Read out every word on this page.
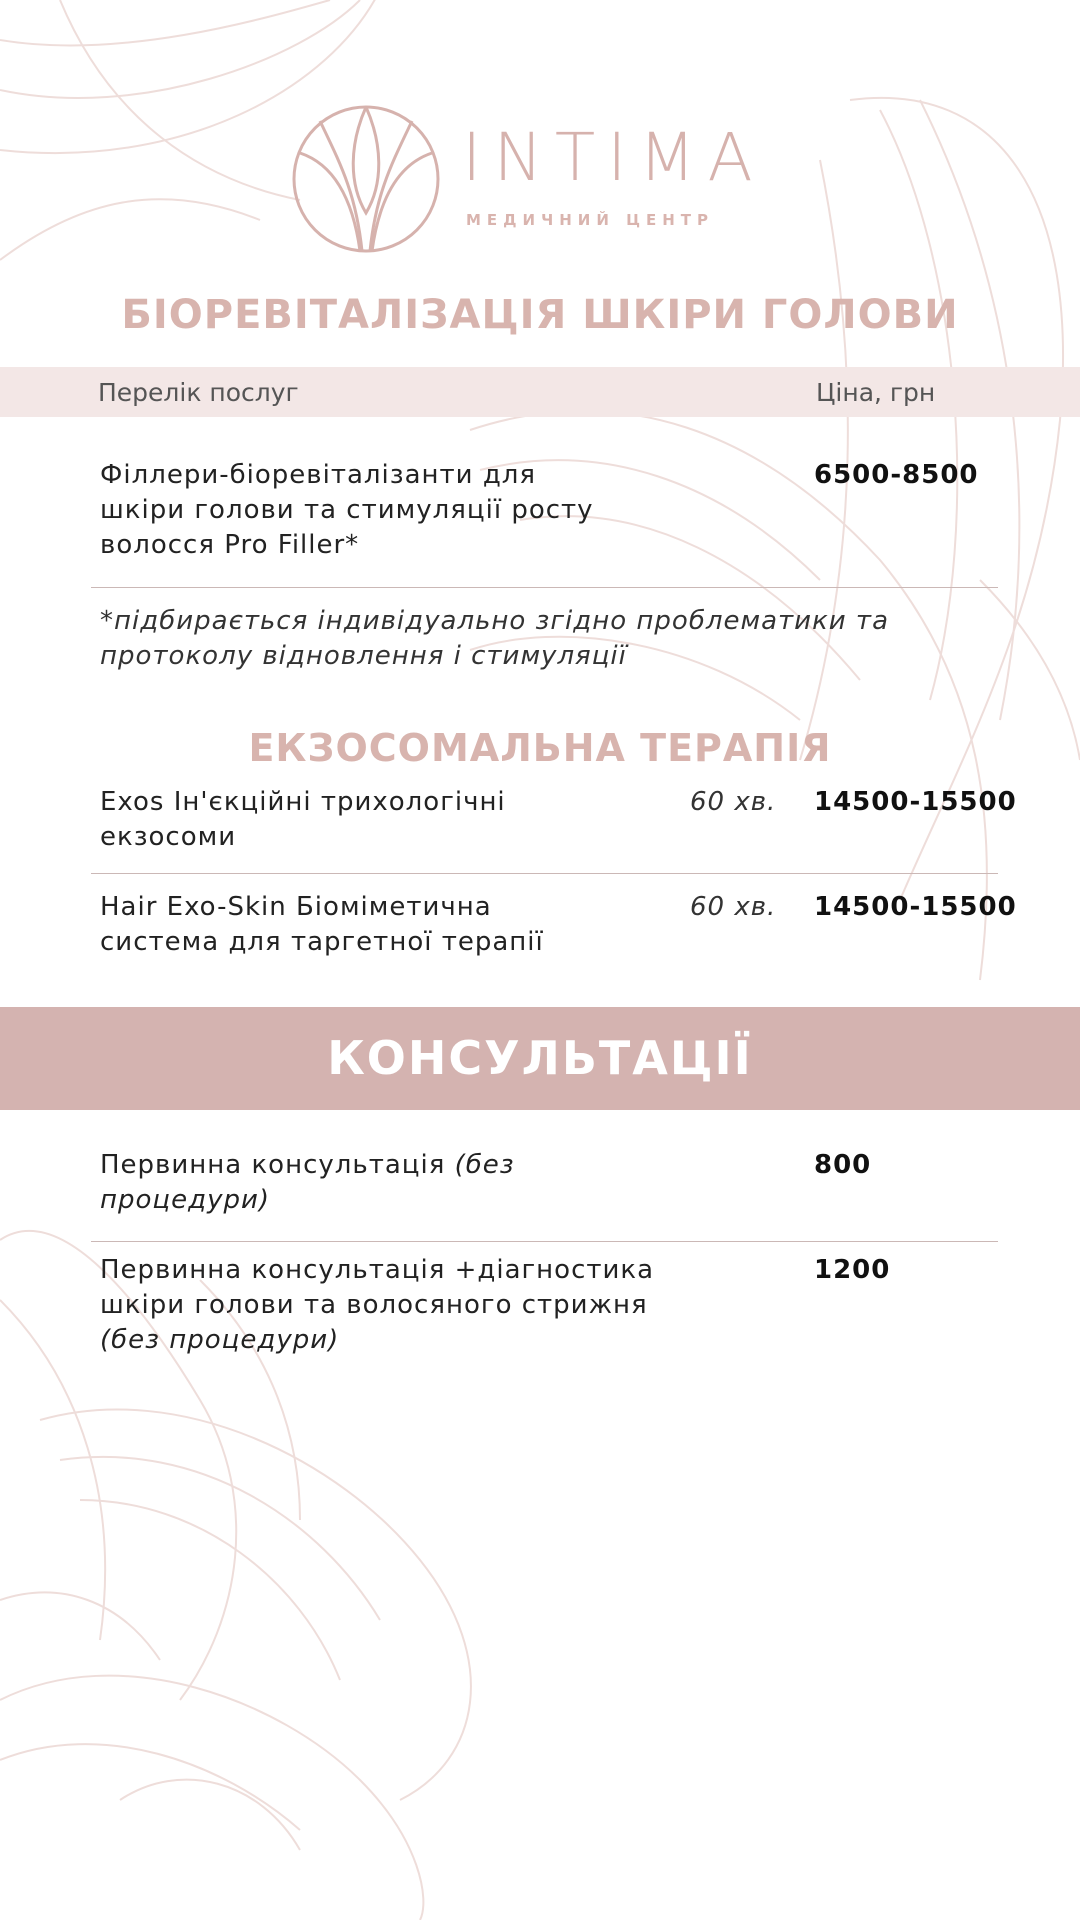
INTIMA
МЕДИЧНИЙ ЦЕНТР
БІОРЕВІТАЛІЗАЦІЯ ШКІРИ ГОЛОВИ
Перелік послуг	Ціна, грн
Філлери-біоревіталізанти для
шкіри голови та стимуляції росту
волосся Pro Filler*
6500-8500
*підбирається індивідуально згідно проблематики та
протоколу відновлення і стимуляції
ЕКЗОСОМАЛЬНА ТЕРАПІЯ
Exos Ін'єкційні трихологічні
екзосоми
60 хв. 14500-15500
Hair Exo-Skin Біоміметична
система для таргетної терапії
60 хв. 14500-15500
КОНСУЛЬТАЦІЇ
Первинна консультація (без
процедури)
800
Первинна консультація +діагностика
шкіри голови та волосяного стрижня
(без процедури)
1200
